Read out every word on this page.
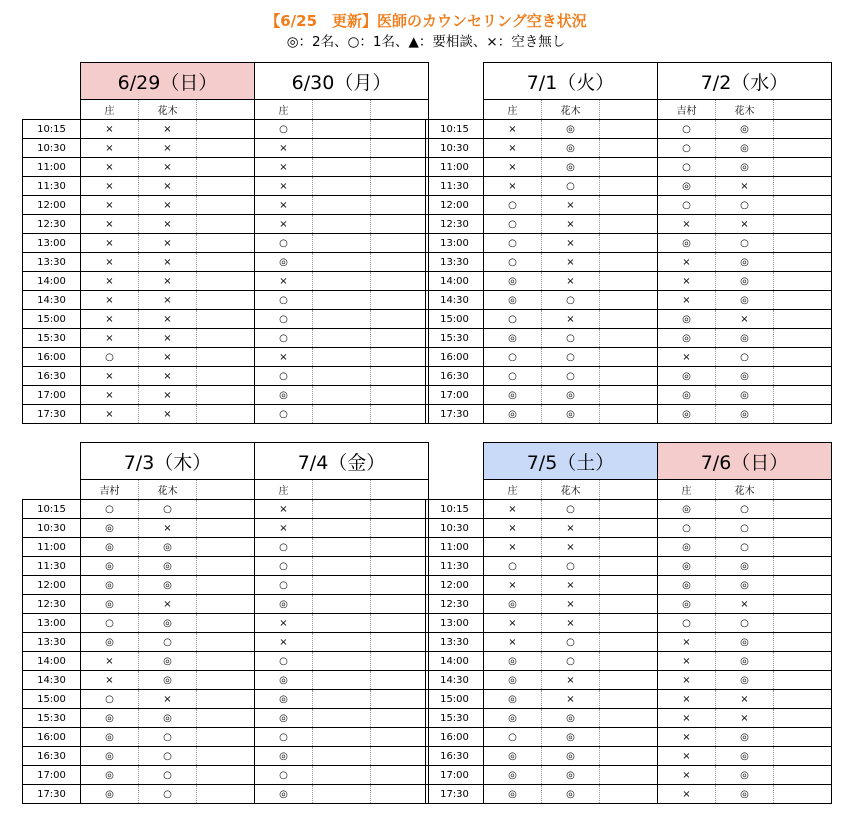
【6/25　更新】医師のカウンセリング空き状況
◎：2名、○：1名、▲：要相談、×：空き無し
	6/29（日）			6/30（月）		
	庄	花木		庄		
10:15	×	×		○		
10:30	×	×		×		
11:00	×	×		×		
11:30	×	×		×		
12:00	×	×		×		
12:30	×	×		×		
13:00	×	×		○		
13:30	×	×		◎		
14:00	×	×		×		
14:30	×	×		○		
15:00	×	×		○		
15:30	×	×		○		
16:00	○	×		×		
16:30	×	×		○		
17:00	×	×		◎		
17:30	×	×		○		
	7/1（火）			7/2（水）		
	庄	花木		吉村	花木	
10:15	×	◎		○	◎	
10:30	×	◎		○	◎	
11:00	×	◎		○	◎	
11:30	×	○		◎	×	
12:00	○	×		○	○	
12:30	○	×		×	×	
13:00	○	×		◎	○	
13:30	○	×		×	◎	
14:00	◎	×		×	◎	
14:30	◎	○		×	◎	
15:00	○	×		◎	×	
15:30	◎	○		◎	◎	
16:00	○	○		×	○	
16:30	○	○		◎	◎	
17:00	◎	◎		◎	◎	
17:30	◎	◎		◎	◎	
	7/3（木）			7/4（金）		
	吉村	花木		庄		
10:15	○	○		×		
10:30	◎	×		×		
11:00	◎	◎		○		
11:30	◎	◎		○		
12:00	◎	◎		○		
12:30	◎	×		◎		
13:00	○	◎		×		
13:30	◎	○		×		
14:00	×	◎		○		
14:30	×	◎		◎		
15:00	○	×		◎		
15:30	◎	◎		◎		
16:00	◎	○		○		
16:30	◎	○		◎		
17:00	◎	○		○		
17:30	◎	○		◎		
	7/5（土）			7/6（日）		
	庄	花木		庄	花木	
10:15	×	○		◎	○	
10:30	×	×		○	○	
11:00	×	×		◎	○	
11:30	○	○		◎	◎	
12:00	×	×		◎	◎	
12:30	◎	×		◎	×	
13:00	×	×		○	○	
13:30	×	○		×	◎	
14:00	◎	○		×	◎	
14:30	◎	×		×	◎	
15:00	◎	×		×	×	
15:30	◎	◎		×	×	
16:00	○	◎		×	◎	
16:30	◎	◎		×	◎	
17:00	◎	◎		×	◎	
17:30	◎	◎		×	◎	
